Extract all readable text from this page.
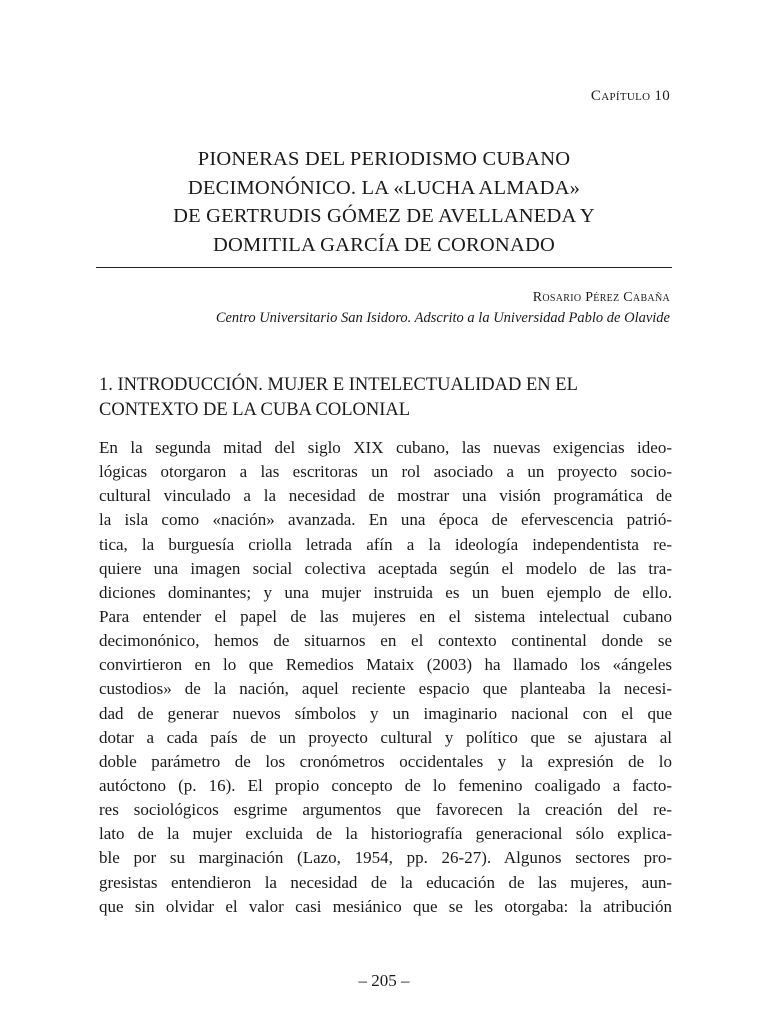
Capítulo 10
PIONERAS DEL PERIODISMO CUBANO
DECIMONÓNICO. LA «LUCHA ALMADA»
DE GERTRUDIS GÓMEZ DE AVELLANEDA Y
DOMITILA GARCÍA DE CORONADO
Rosario Pérez Cabaña
Centro Universitario San Isidoro. Adscrito a la Universidad Pablo de Olavide
1. INTRODUCCIÓN. MUJER E INTELECTUALIDAD EN EL
CONTEXTO DE LA CUBA COLONIAL
En la segunda mitad del siglo XIX cubano, las nuevas exigencias ideo-
lógicas otorgaron a las escritoras un rol asociado a un proyecto socio-
cultural vinculado a la necesidad de mostrar una visión programática de
la isla como «nación» avanzada. En una época de efervescencia patrió-
tica, la burguesía criolla letrada afín a la ideología independentista re-
quiere una imagen social colectiva aceptada según el modelo de las tra-
diciones dominantes; y una mujer instruida es un buen ejemplo de ello.
Para entender el papel de las mujeres en el sistema intelectual cubano
decimonónico, hemos de situarnos en el contexto continental donde se
convirtieron en lo que Remedios Mataix (2003) ha llamado los «ángeles
custodios» de la nación, aquel reciente espacio que planteaba la necesi-
dad de generar nuevos símbolos y un imaginario nacional con el que
dotar a cada país de un proyecto cultural y político que se ajustara al
doble parámetro de los cronómetros occidentales y la expresión de lo
autóctono (p. 16). El propio concepto de lo femenino coaligado a facto-
res sociológicos esgrime argumentos que favorecen la creación del re-
lato de la mujer excluida de la historiografía generacional sólo explica-
ble por su marginación (Lazo, 1954, pp. 26-27). Algunos sectores pro-
gresistas entendieron la necesidad de la educación de las mujeres, aun-
que sin olvidar el valor casi mesiánico que se les otorgaba: la atribución
– 205 –
